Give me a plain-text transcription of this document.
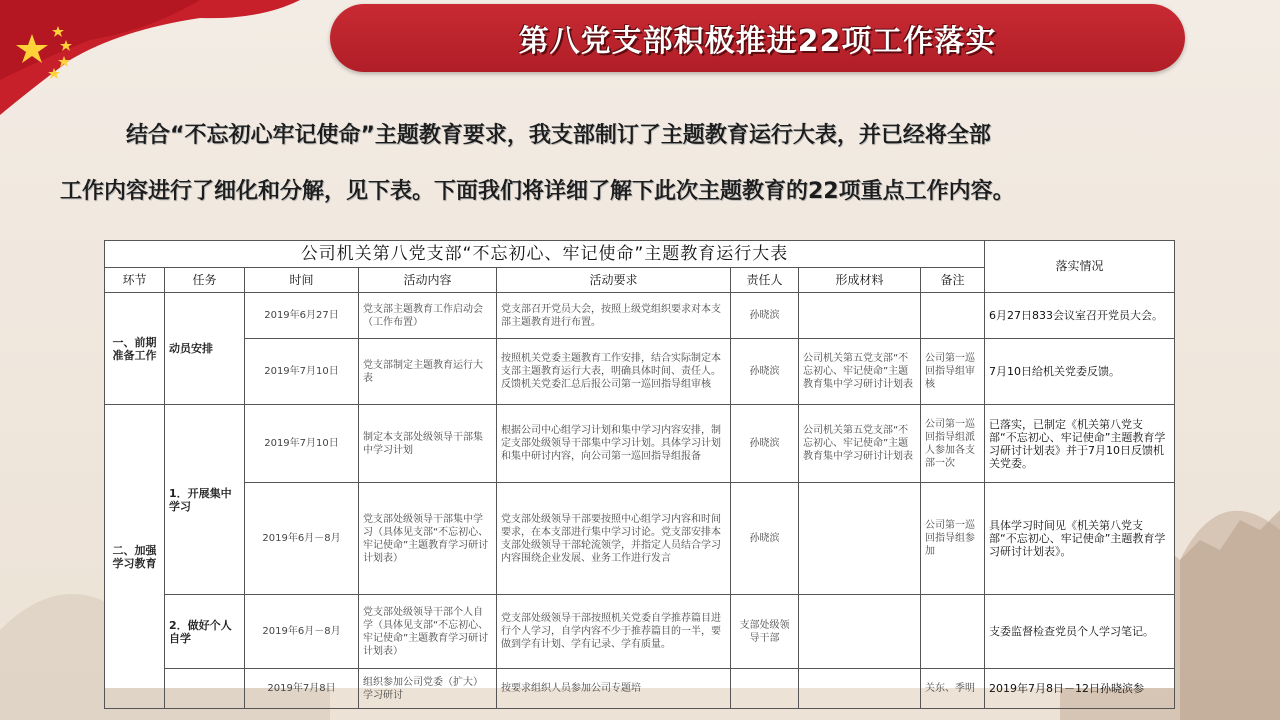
第八党支部积极推进22项工作落实

结合“不忘初心牢记使命”主题教育要求，我支部制订了主题教育运行大表，并已经将全部

工作内容进行了细化和分解，见下表。下面我们将详细了解下此次主题教育的22项重点工作内容。

公司机关第八党支部“不忘初心、牢记使命”主题教育运行大表								落实情况
环节	任务	时间	活动内容	活动要求	责任人	形成材料	备注	
一、前期准备工作	动员安排	2019年6月27日	党支部主题教育工作启动会（工作布置）	党支部召开党员大会，按照上级党组织要求对本支部主题教育进行布置。	孙晓滨			6月27日833会议室召开党员大会。
		2019年7月10日	党支部制定主题教育运行大表	按照机关党委主题教育工作安排，结合实际制定本支部主题教育运行大表，明确具体时间、责任人。反馈机关党委汇总后报公司第一巡回指导组审核	孙晓滨	公司机关第五党支部“不忘初心、牢记使命”主题教育集中学习研讨计划表	公司第一巡回指导组审核	7月10日给机关党委反馈。
二、加强学习教育	1．开展集中学习	2019年7月10日	制定本支部处级领导干部集中学习计划	根据公司中心组学习计划和集中学习内容安排，制定支部处级领导干部集中学习计划。具体学习计划和集中研讨内容，向公司第一巡回指导组报备	孙晓滨	公司机关第五党支部“不忘初心、牢记使命”主题教育集中学习研讨计划表	公司第一巡回指导组派人参加各支部一次	已落实，已制定《机关第八党支部“不忘初心、牢记使命”主题教育学习研讨计划表》并于7月10日反馈机关党委。
		2019年6月－8月	党支部处级领导干部集中学习（具体见支部“不忘初心、牢记使命”主题教育学习研讨计划表）	党支部处级领导干部要按照中心组学习内容和时间要求，在本支部进行集中学习讨论。党支部安排本支部处级领导干部轮流领学，并指定人员结合学习内容围绕企业发展、业务工作进行发言	孙晓滨		公司第一巡回指导组参加	具体学习时间见《机关第八党支部“不忘初心、牢记使命”主题教育学习研讨计划表》。
	2．做好个人自学	2019年6月－8月	党支部处级领导干部个人自学（具体见支部“不忘初心、牢记使命”主题教育学习研讨计划表）	党支部处级领导干部按照机关党委自学推荐篇目进行个人学习，自学内容不少于推荐篇目的一半，要做到学有计划、学有记录、学有质量。	支部处级领导干部			支委监督检查党员个人学习笔记。
		2019年7月8日	组织参加公司党委（扩大）学习研讨	按要求组织人员参加公司专题培			关东、季明	2019年7月8日－12日孙晓滨参
